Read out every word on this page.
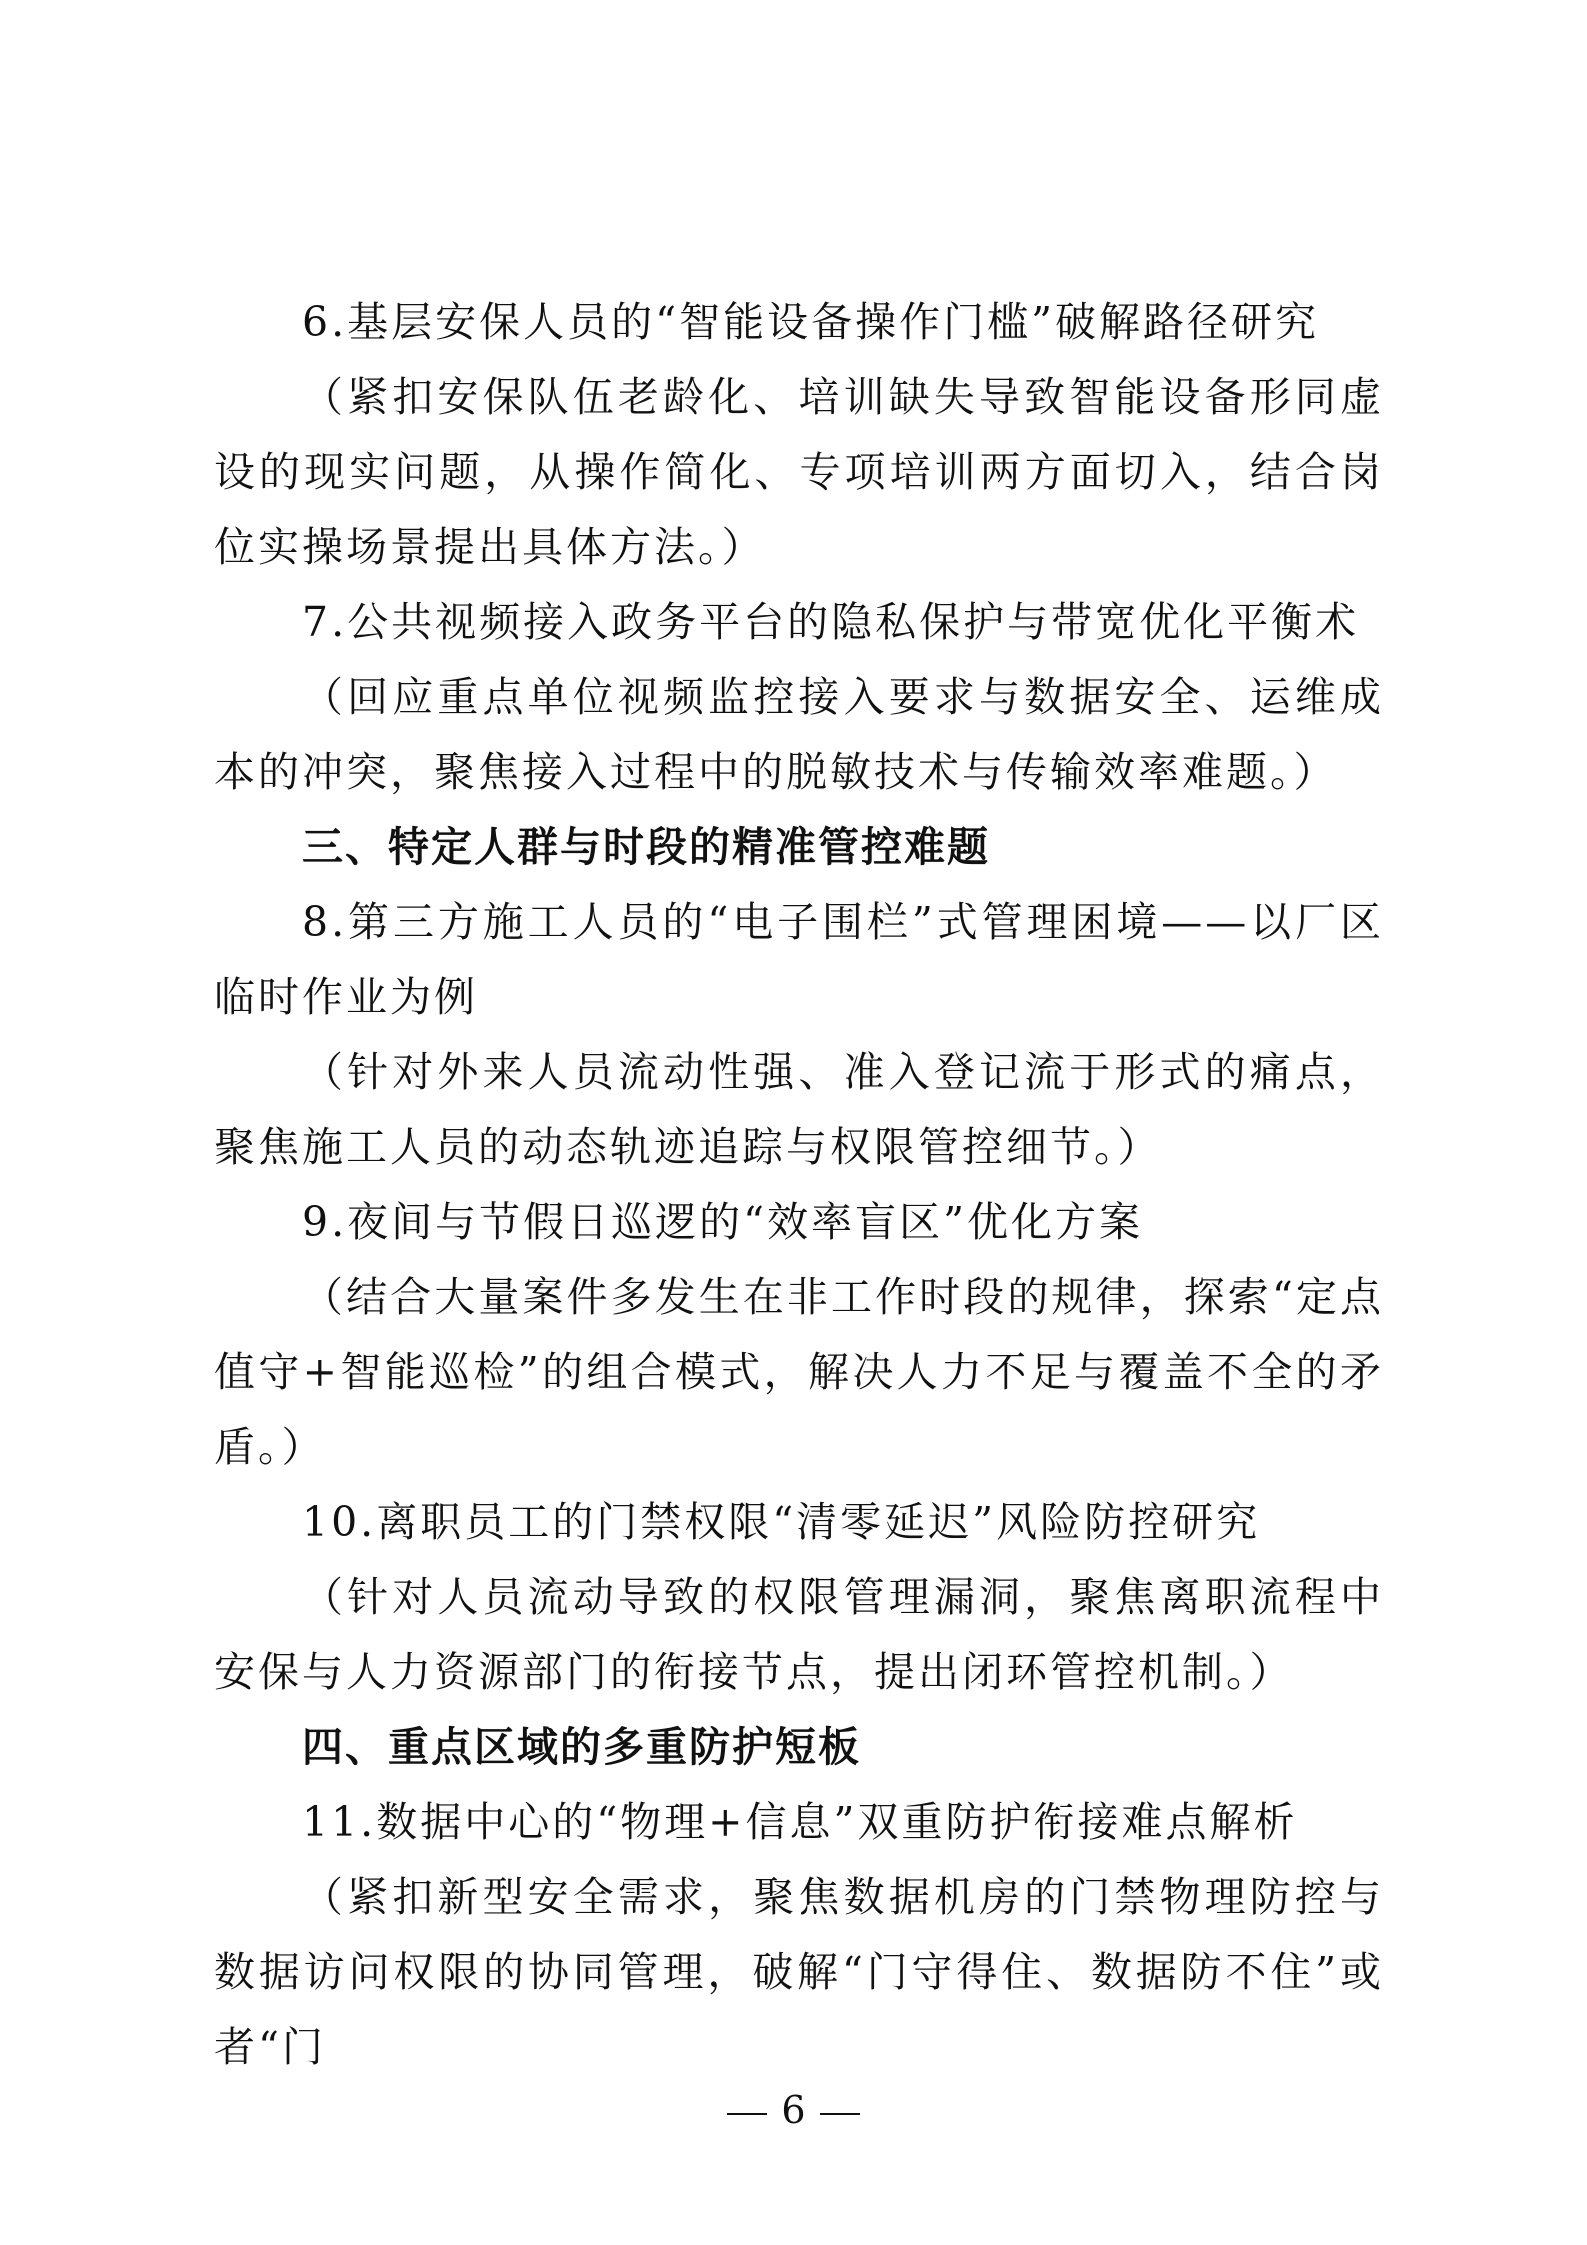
6.基层安保人员的“智能设备操作门槛”破解路径研究

（紧扣安保队伍老龄化、培训缺失导致智能设备形同虚设的现实问题，从操作简化、专项培训两方面切入，结合岗位实操场景提出具体方法。）

7.公共视频接入政务平台的隐私保护与带宽优化平衡术

（回应重点单位视频监控接入要求与数据安全、运维成本的冲突，聚焦接入过程中的脱敏技术与传输效率难题。）

三、特定人群与时段的精准管控难题

8.第三方施工人员的“电子围栏”式管理困境——以厂区临时作业为例

（针对外来人员流动性强、准入登记流于形式的痛点，聚焦施工人员的动态轨迹追踪与权限管控细节。）

9.夜间与节假日巡逻的“效率盲区”优化方案

（结合大量案件多发生在非工作时段的规律，探索“定点值守+智能巡检”的组合模式，解决人力不足与覆盖不全的矛盾。）

10.离职员工的门禁权限“清零延迟”风险防控研究

（针对人员流动导致的权限管理漏洞，聚焦离职流程中安保与人力资源部门的衔接节点，提出闭环管控机制。）

四、重点区域的多重防护短板

11.数据中心的“物理+信息”双重防护衔接难点解析

（紧扣新型安全需求，聚焦数据机房的门禁物理防控与数据访问权限的协同管理，破解“门守得住、数据防不住”或者“门

6
